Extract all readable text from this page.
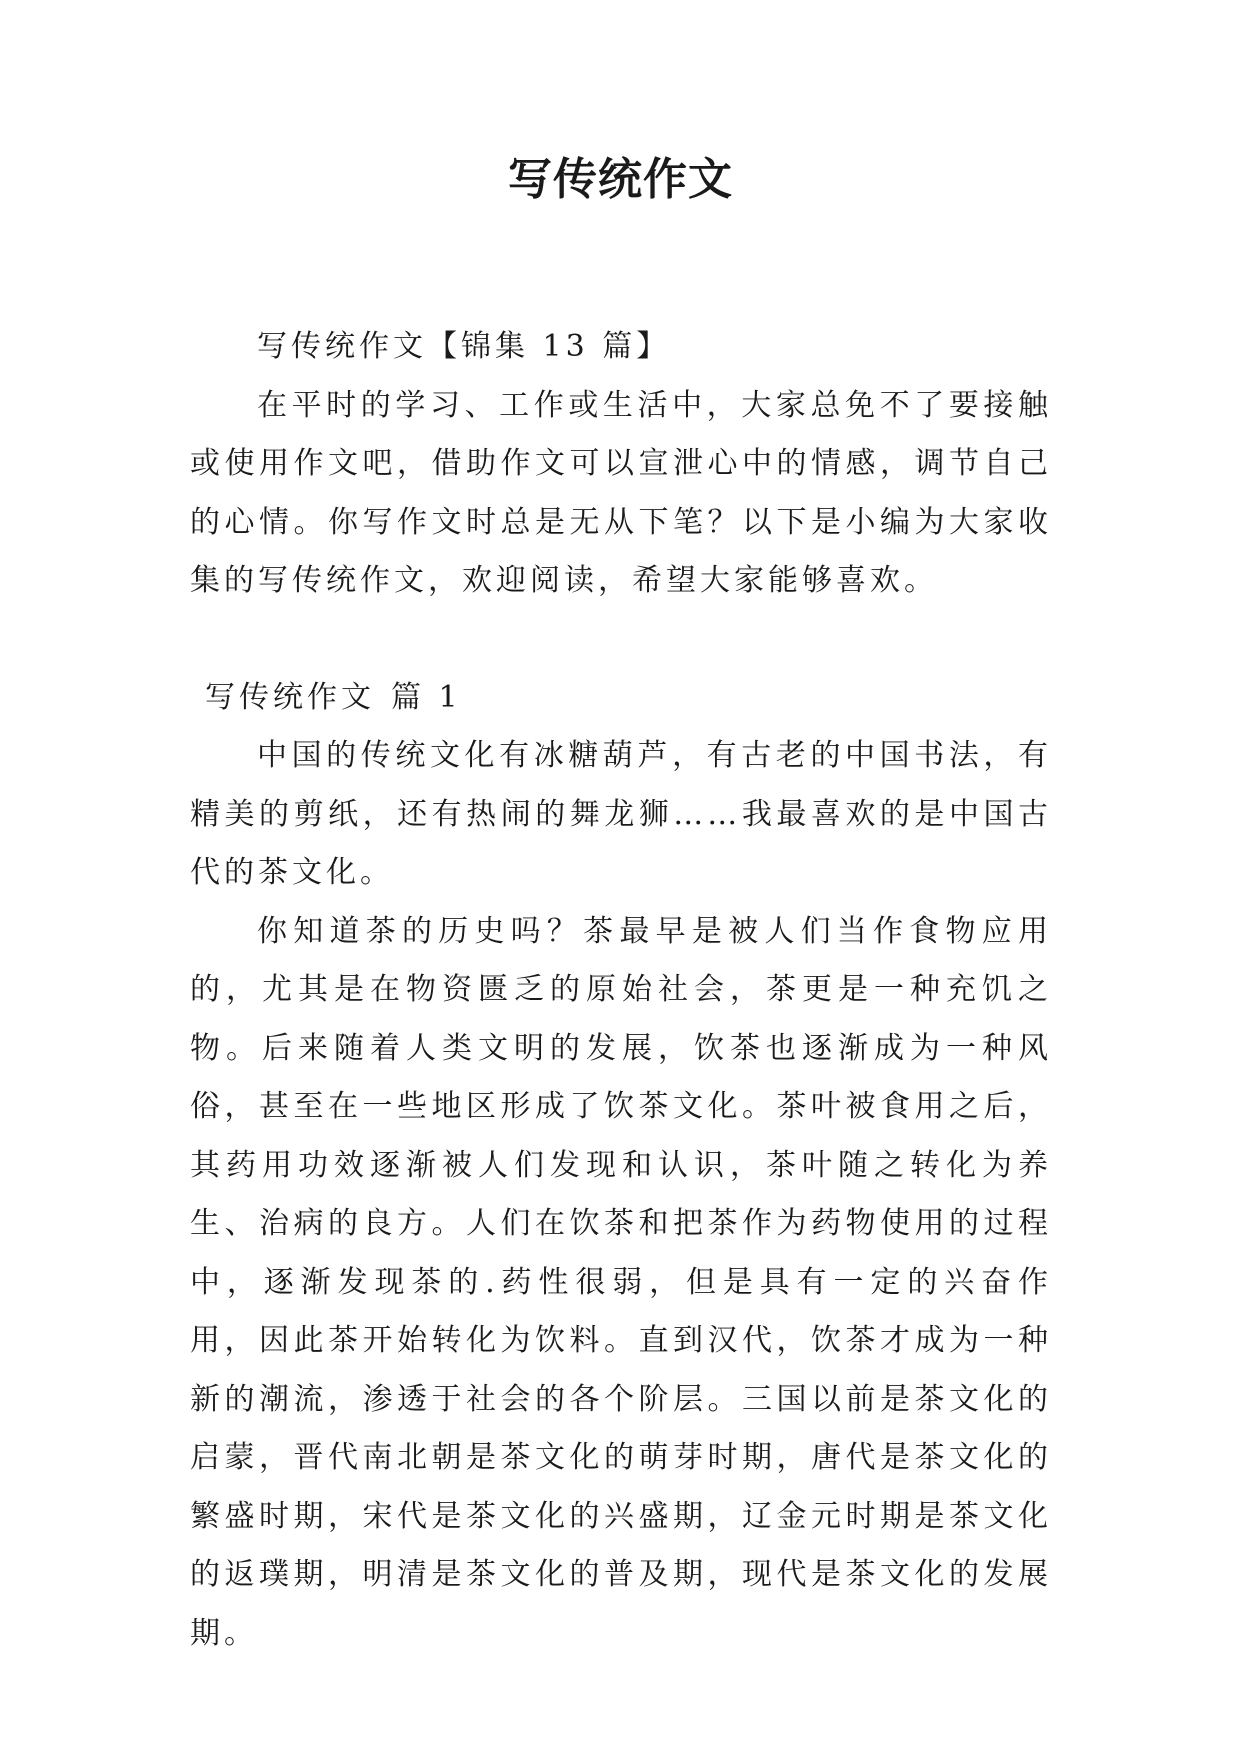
写传统作文

写传统作文【锦集 13 篇】

在平时的学习、工作或生活中，大家总免不了要接触或使用作文吧，借助作文可以宣泄心中的情感，调节自己的心情。你写作文时总是无从下笔？以下是小编为大家收集的写传统作文，欢迎阅读，希望大家能够喜欢。

写传统作文 篇 1

中国的传统文化有冰糖葫芦，有古老的中国书法，有精美的剪纸，还有热闹的舞龙狮……我最喜欢的是中国古代的茶文化。

你知道茶的历史吗？茶最早是被人们当作食物应用的，尤其是在物资匮乏的原始社会，茶更是一种充饥之物。后来随着人类文明的发展，饮茶也逐渐成为一种风俗，甚至在一些地区形成了饮茶文化。茶叶被食用之后，其药用功效逐渐被人们发现和认识，茶叶随之转化为养生、治病的良方。人们在饮茶和把茶作为药物使用的过程中，逐渐发现茶的.药性很弱，但是具有一定的兴奋作用，因此茶开始转化为饮料。直到汉代，饮茶才成为一种新的潮流，渗透于社会的各个阶层。三国以前是茶文化的启蒙，晋代南北朝是茶文化的萌芽时期，唐代是茶文化的繁盛时期，宋代是茶文化的兴盛期，辽金元时期是茶文化的返璞期，明清是茶文化的普及期，现代是茶文化的发展期。
